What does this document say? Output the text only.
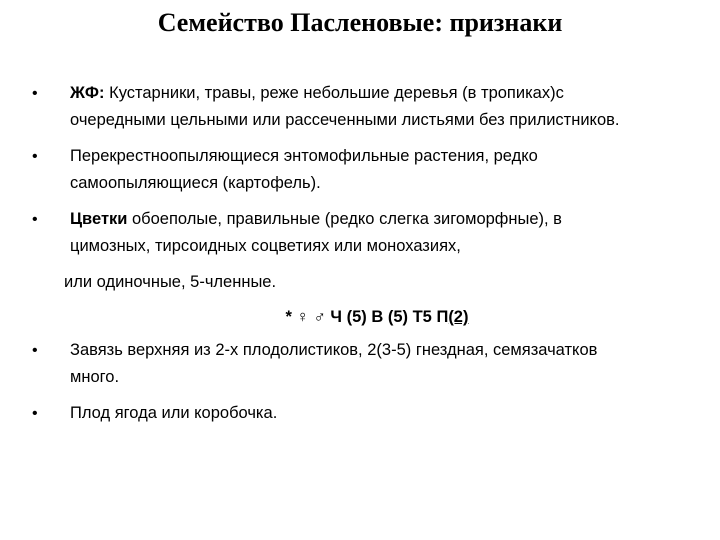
Семейство Пасленовые: признаки
• ЖФ: Кустарники, травы, реже небольшие деревья (в тропиках)с
очередными цельными или рассеченными листьями без прилистников.
• Перекрестноопыляющиеся энтомофильные растения, редко
самоопыляющиеся (картофель).
• Цветки обоеполые, правильные (редко слегка зигоморфные), в
цимозных, тирсоидных соцветиях или монохазиях,
или одиночные, 5-членные.
* ♀ ♂ Ч (5) В (5) Т5 П(2)
• Завязь верхняя из 2-х плодолистиков, 2(3-5) гнездная, семязачатков
много.
• Плод ягода или коробочка.
